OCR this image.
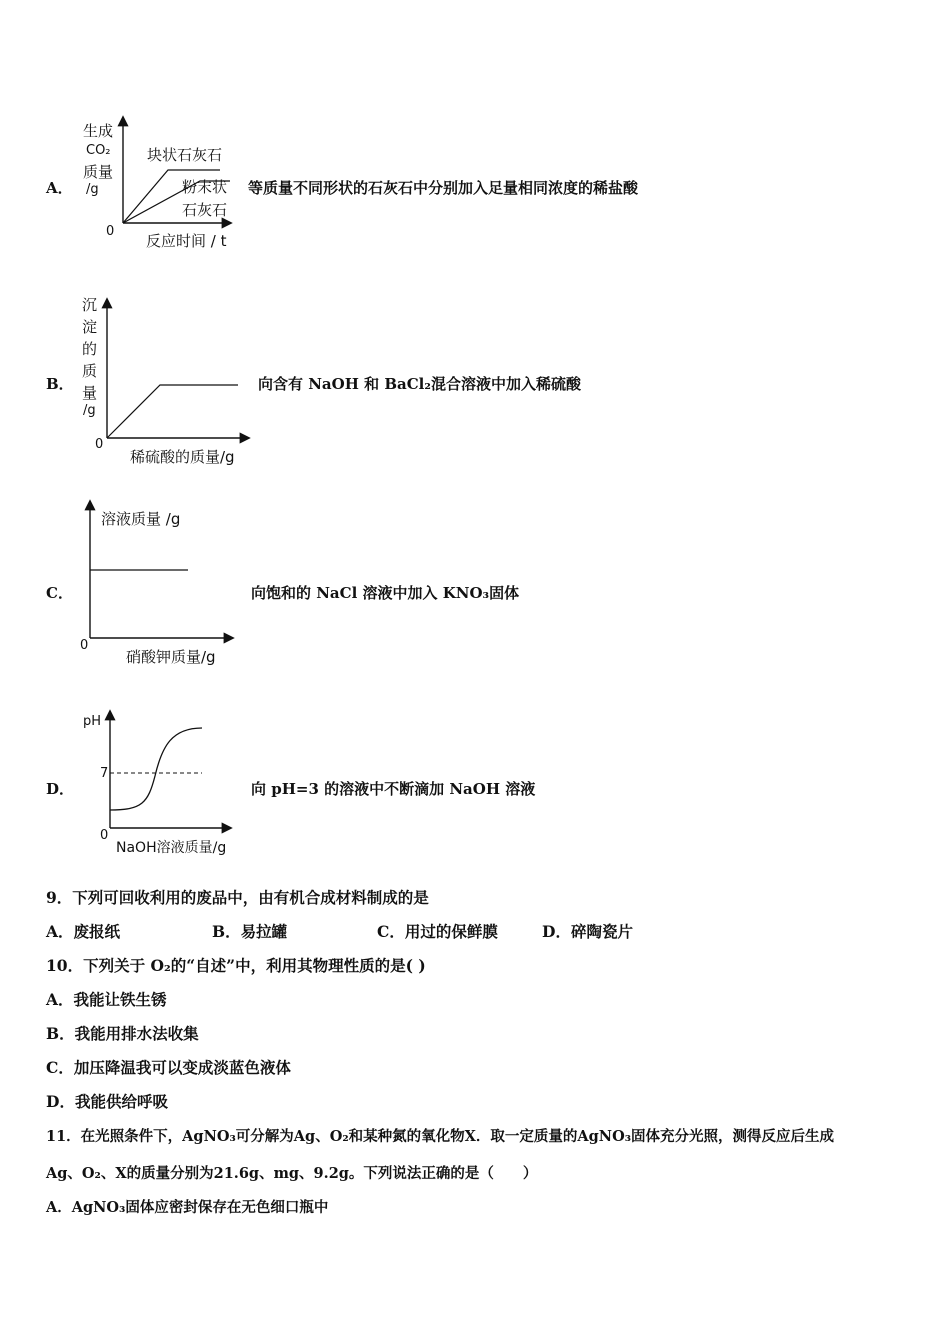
A．
生成
CO₂
质量
/g
0
反应时间 / t
块状石灰石
粉末状
石灰石
等质量不同形状的石灰石中分别加入足量相同浓度的稀盐酸
B．
沉
淀
的
质
量
/g
0
稀硫酸的质量/g
向含有 NaOH 和 BaCl₂混合溶液中加入稀硫酸
C．
溶液质量 /g
0
硝酸钾质量/g
向饱和的 NaCl 溶液中加入 KNO₃固体
D．
pH
7
0
NaOH溶液质量/g
向 pH=3 的溶液中不断滴加 NaOH 溶液
9．下列可回收利用的废品中，由有机合成材料制成的是
A．废报纸	B．易拉罐	C．用过的保鲜膜	D．碎陶瓷片
10．下列关于 O₂的“自述”中，利用其物理性质的是( )
A．我能让铁生锈
B．我能用排水法收集
C．加压降温我可以变成淡蓝色液体
D．我能供给呼吸
11．在光照条件下，AgNO₃可分解为Ag、O₂和某种氮的氧化物X．取一定质量的AgNO₃固体充分光照，测得反应后生成
Ag、O₂、X的质量分别为21.6g、mg、9.2g。下列说法正确的是（　　）
A．AgNO₃固体应密封保存在无色细口瓶中
